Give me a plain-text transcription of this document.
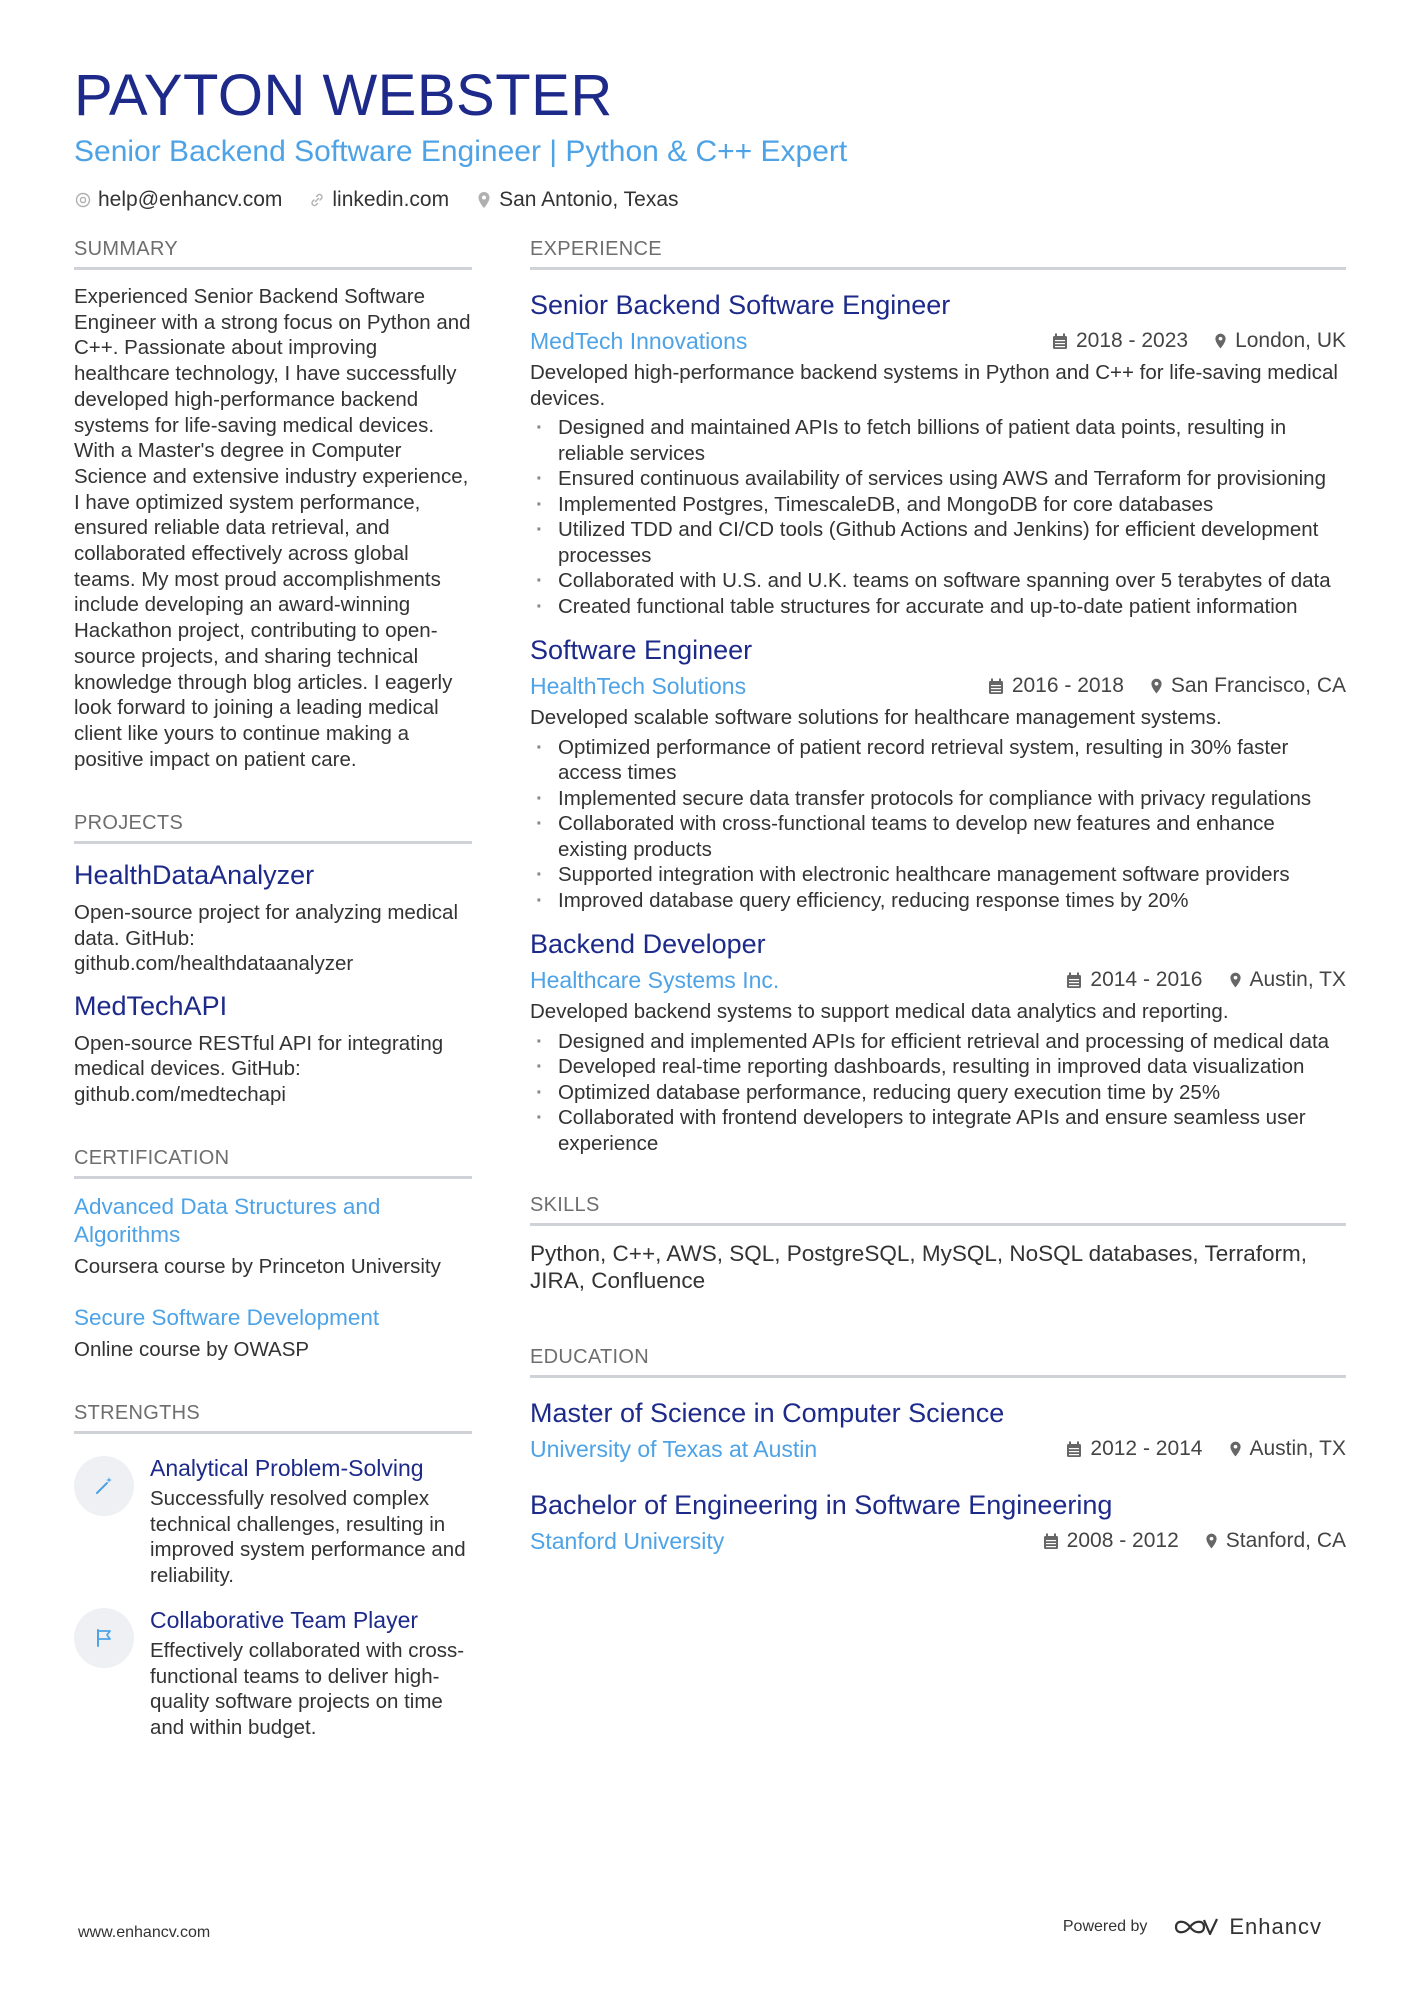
PAYTON WEBSTER
Senior Backend Software Engineer | Python & C++ Expert
help@enhancv.com linkedin.com San Antonio, Texas
SUMMARY
Experienced Senior Backend Software Engineer with a strong focus on Python and C++. Passionate about improving healthcare technology, I have successfully developed high-performance backend systems for life-saving medical devices. With a Master's degree in Computer Science and extensive industry experience, I have optimized system performance, ensured reliable data retrieval, and collaborated effectively across global teams. My most proud accomplishments include developing an award-winning Hackathon project, contributing to open-source projects, and sharing technical knowledge through blog articles. I eagerly look forward to joining a leading medical client like yours to continue making a positive impact on patient care.
PROJECTS
HealthDataAnalyzer
Open-source project for analyzing medical data. GitHub: github.com/healthdataanalyzer
MedTechAPI
Open-source RESTful API for integrating medical devices. GitHub: github.com/medtechapi
CERTIFICATION
Advanced Data Structures and Algorithms
Coursera course by Princeton University
Secure Software Development
Online course by OWASP
STRENGTHS
Analytical Problem-Solving
Successfully resolved complex technical challenges, resulting in improved system performance and reliability.
Collaborative Team Player
Effectively collaborated with cross-functional teams to deliver high-quality software projects on time and within budget.
EXPERIENCE
Senior Backend Software Engineer
MedTech Innovations	2018 - 2023 London, UK
Developed high-performance backend systems in Python and C++ for life-saving medical devices.
· Designed and maintained APIs to fetch billions of patient data points, resulting in reliable services
· Ensured continuous availability of services using AWS and Terraform for provisioning
· Implemented Postgres, TimescaleDB, and MongoDB for core databases
· Utilized TDD and CI/CD tools (Github Actions and Jenkins) for efficient development processes
· Collaborated with U.S. and U.K. teams on software spanning over 5 terabytes of data
· Created functional table structures for accurate and up-to-date patient information
Software Engineer
HealthTech Solutions	2016 - 2018 San Francisco, CA
Developed scalable software solutions for healthcare management systems.
· Optimized performance of patient record retrieval system, resulting in 30% faster access times
· Implemented secure data transfer protocols for compliance with privacy regulations
· Collaborated with cross-functional teams to develop new features and enhance existing products
· Supported integration with electronic healthcare management software providers
· Improved database query efficiency, reducing response times by 20%
Backend Developer
Healthcare Systems Inc.	2014 - 2016 Austin, TX
Developed backend systems to support medical data analytics and reporting.
· Designed and implemented APIs for efficient retrieval and processing of medical data
· Developed real-time reporting dashboards, resulting in improved data visualization
· Optimized database performance, reducing query execution time by 25%
· Collaborated with frontend developers to integrate APIs and ensure seamless user experience
SKILLS
Python, C++, AWS, SQL, PostgreSQL, MySQL, NoSQL databases, Terraform, JIRA, Confluence
EDUCATION
Master of Science in Computer Science
University of Texas at Austin	2012 - 2014 Austin, TX
Bachelor of Engineering in Software Engineering
Stanford University	2008 - 2012 Stanford, CA
www.enhancv.com	Powered by	Enhancv
